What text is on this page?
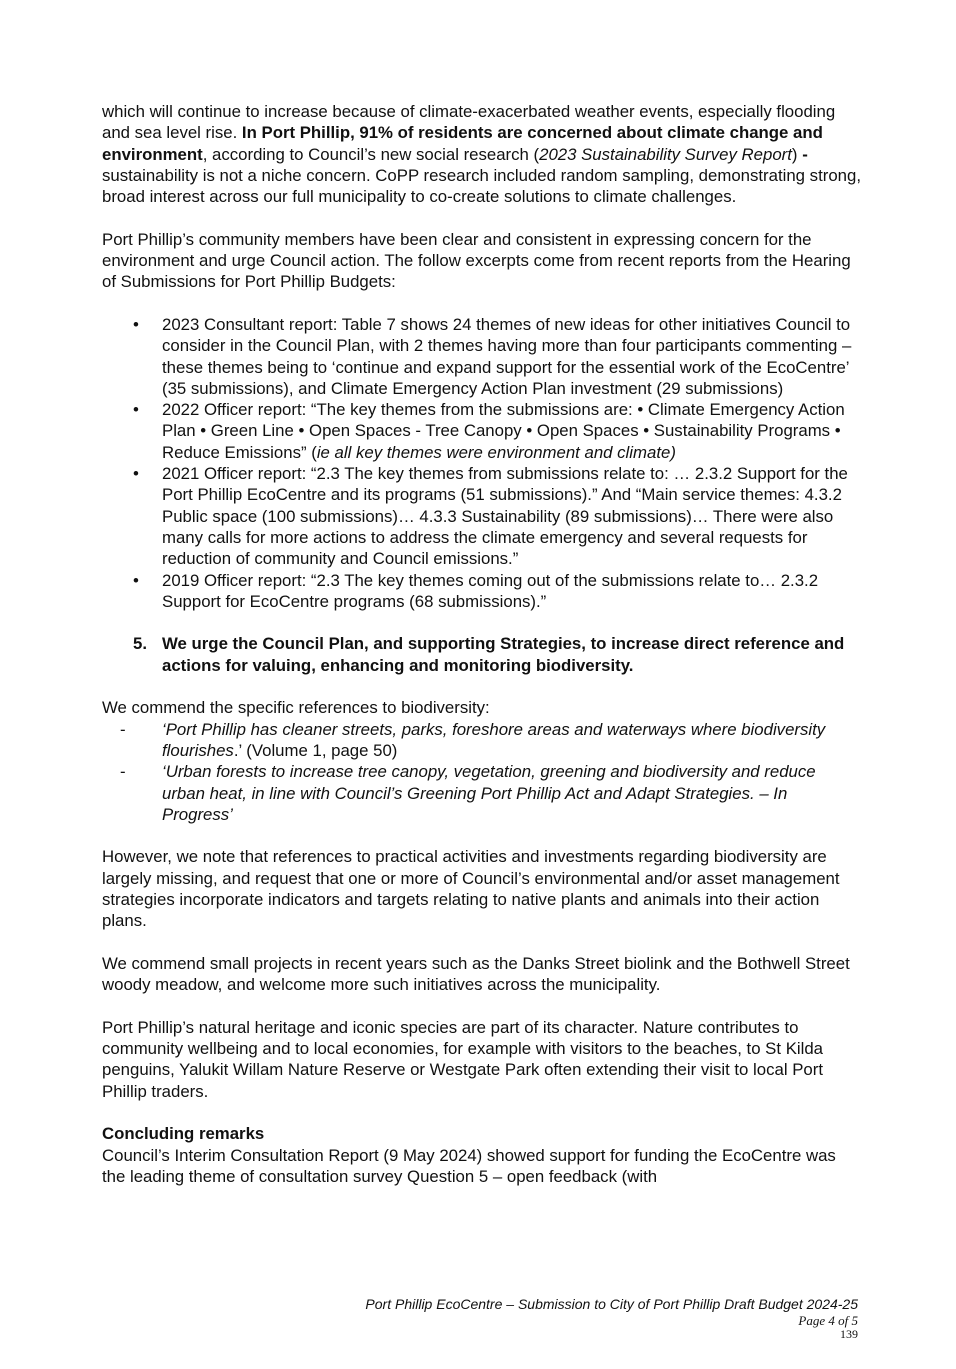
which will continue to increase because of climate-exacerbated weather events, especially flooding and sea level rise. In Port Phillip, 91% of residents are concerned about climate change and environment, according to Council’s new social research (2023 Sustainability Survey Report) - sustainability is not a niche concern. CoPP research included random sampling, demonstrating strong, broad interest across our full municipality to co-create solutions to climate challenges.

Port Phillip’s community members have been clear and consistent in expressing concern for the environment and urge Council action. The follow excerpts come from recent reports from the Hearing of Submissions for Port Phillip Budgets:

• 2023 Consultant report: Table 7 shows 24 themes of new ideas for other initiatives Council to consider in the Council Plan, with 2 themes having more than four participants commenting – these themes being to ‘continue and expand support for the essential work of the EcoCentre’ (35 submissions), and Climate Emergency Action Plan investment (29 submissions)
• 2022 Officer report: “The key themes from the submissions are: • Climate Emergency Action Plan • Green Line • Open Spaces - Tree Canopy • Open Spaces • Sustainability Programs • Reduce Emissions” (ie all key themes were environment and climate)
• 2021 Officer report: “2.3 The key themes from submissions relate to: … 2.3.2 Support for the Port Phillip EcoCentre and its programs (51 submissions).” And “Main service themes: 4.3.2 Public space (100 submissions)… 4.3.3 Sustainability (89 submissions)… There were also many calls for more actions to address the climate emergency and several requests for reduction of community and Council emissions.”
• 2019 Officer report: “2.3 The key themes coming out of the submissions relate to… 2.3.2 Support for EcoCentre programs (68 submissions).”

5. We urge the Council Plan, and supporting Strategies, to increase direct reference and actions for valuing, enhancing and monitoring biodiversity.

We commend the specific references to biodiversity:

- ‘Port Phillip has cleaner streets, parks, foreshore areas and waterways where biodiversity flourishes.’ (Volume 1, page 50)
- ‘Urban forests to increase tree canopy, vegetation, greening and biodiversity and reduce urban heat, in line with Council’s Greening Port Phillip Act and Adapt Strategies. – In Progress’

However, we note that references to practical activities and investments regarding biodiversity are largely missing, and request that one or more of Council’s environmental and/or asset management strategies incorporate indicators and targets relating to native plants and animals into their action plans.

We commend small projects in recent years such as the Danks Street biolink and the Bothwell Street woody meadow, and welcome more such initiatives across the municipality.

Port Phillip’s natural heritage and iconic species are part of its character. Nature contributes to community wellbeing and to local economies, for example with visitors to the beaches, to St Kilda penguins, Yalukit Willam Nature Reserve or Westgate Park often extending their visit to local Port Phillip traders.

Concluding remarks

Council’s Interim Consultation Report (9 May 2024) showed support for funding the EcoCentre was the leading theme of consultation survey Question 5 – open feedback (with

Port Phillip EcoCentre – Submission to City of Port Phillip Draft Budget 2024-25
Page 4 of 5
139
